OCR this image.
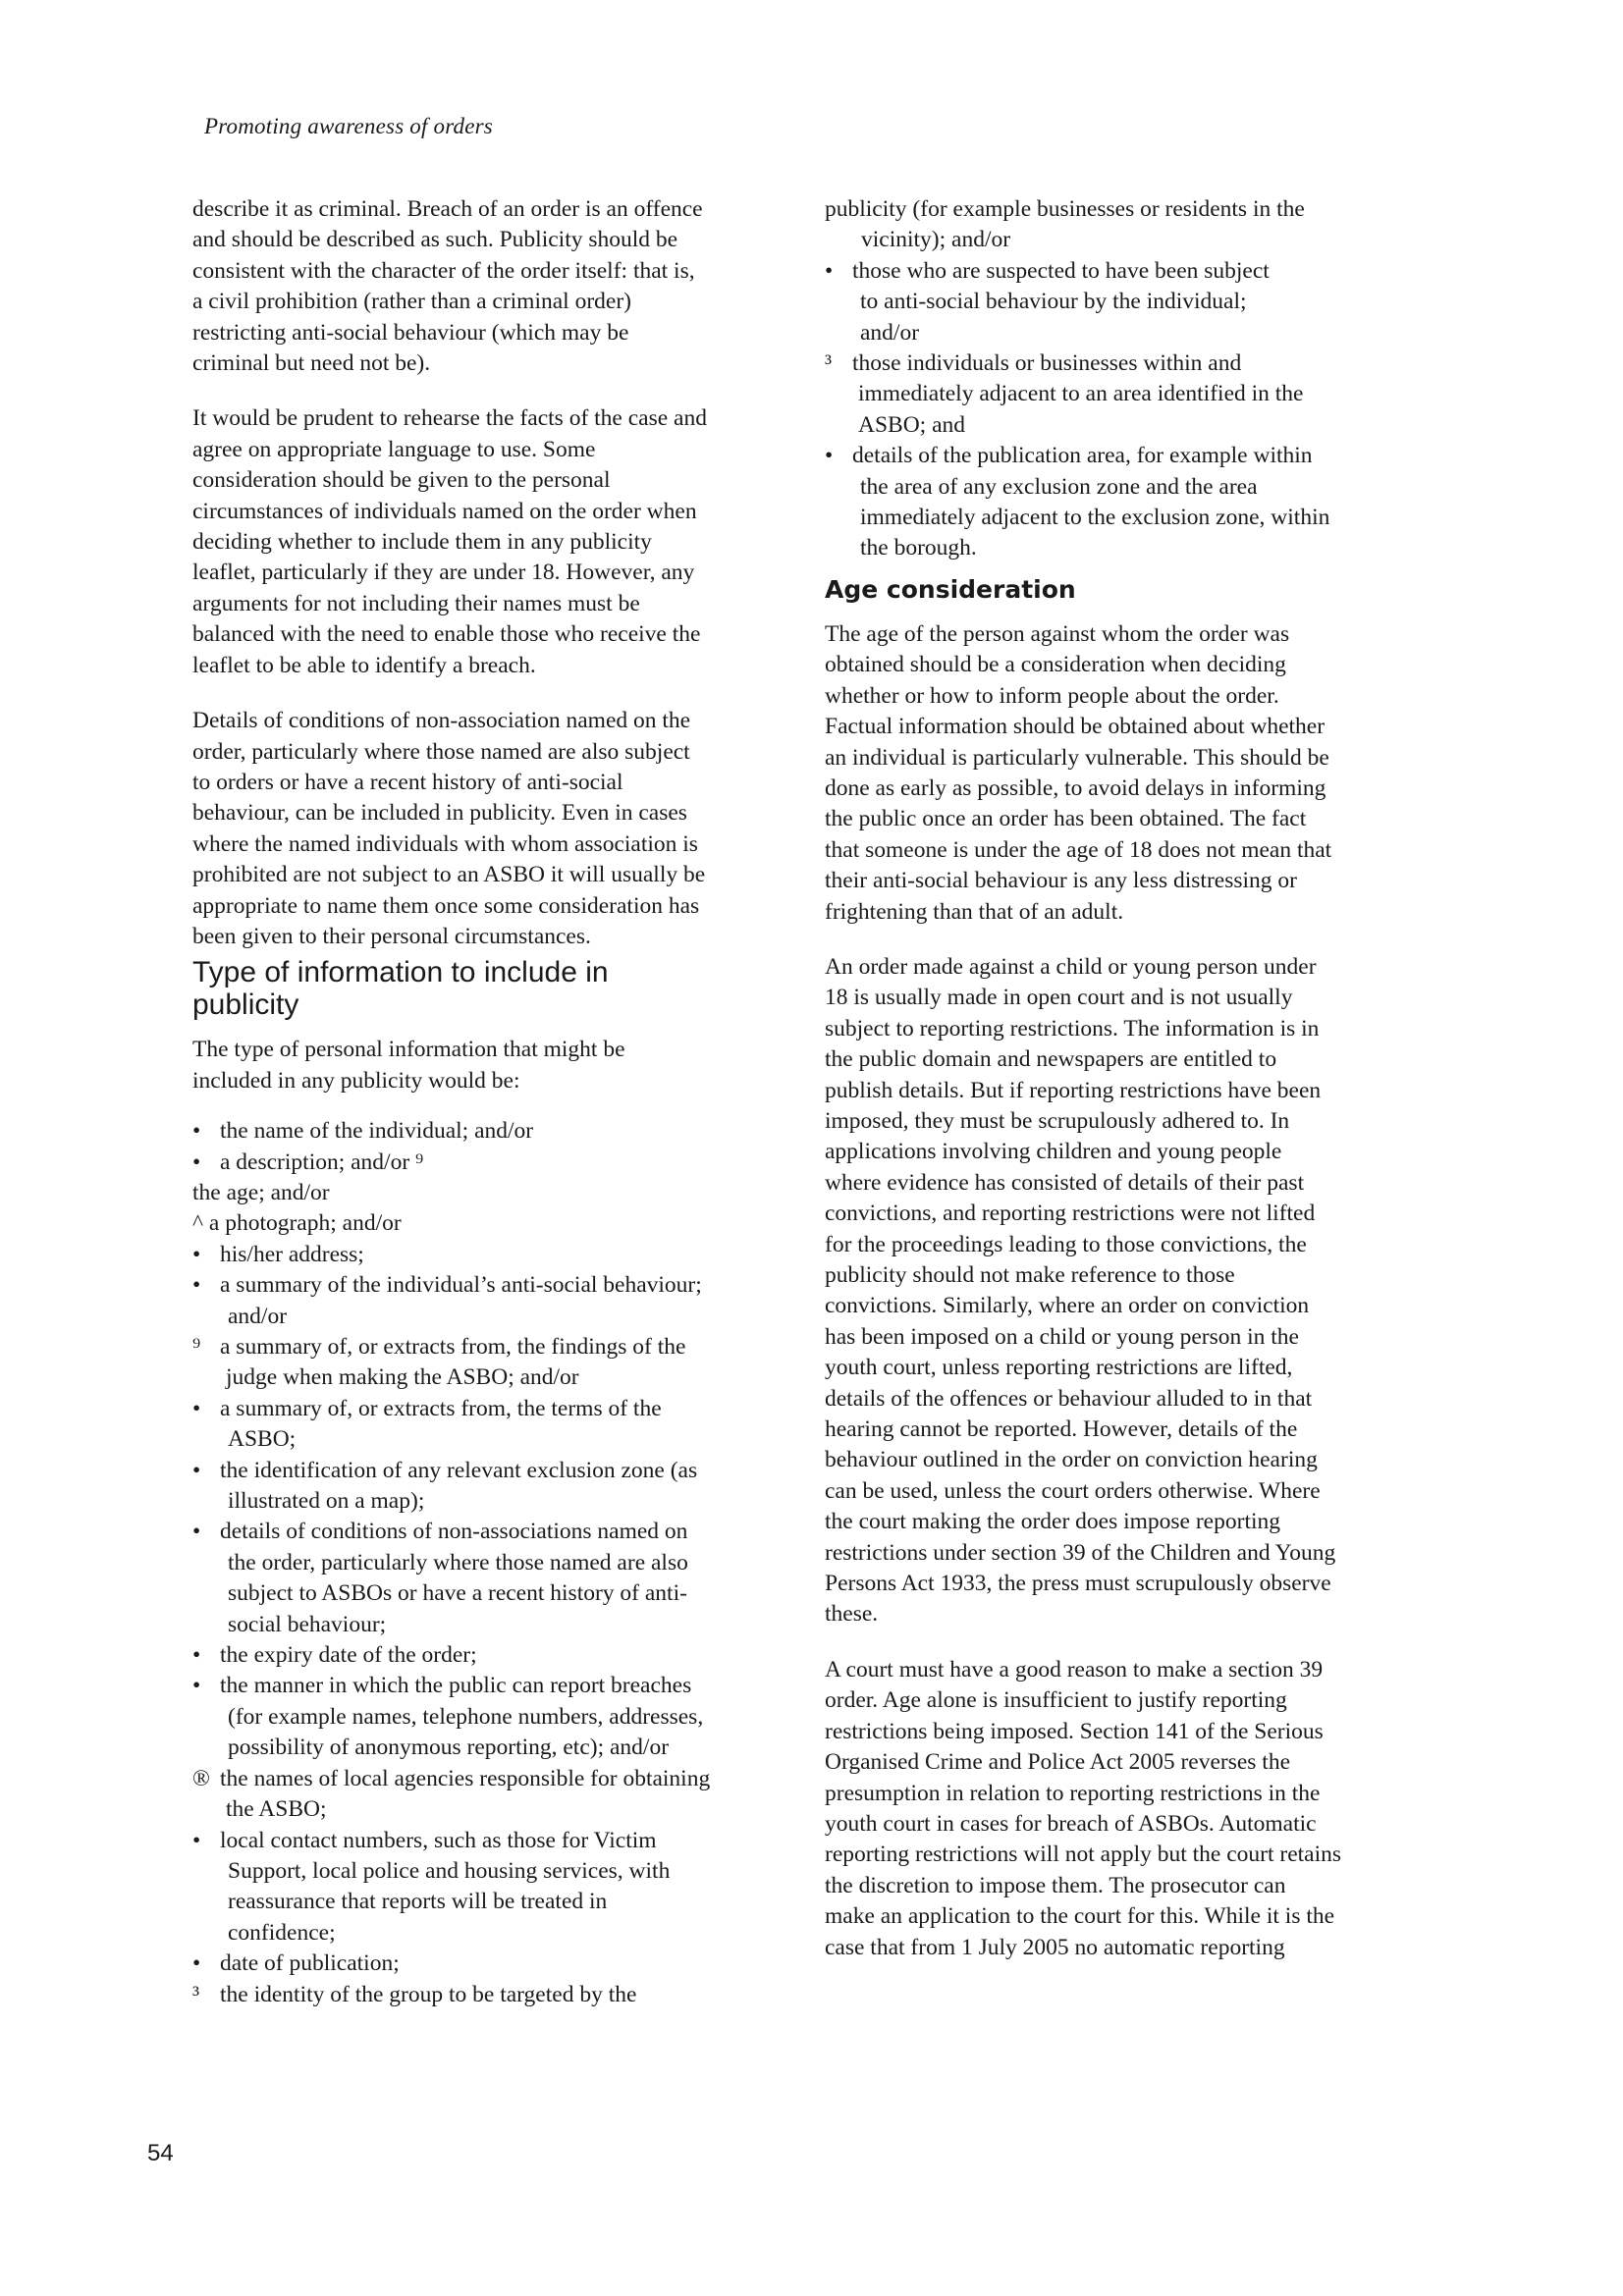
Promoting awareness of orders

describe it as criminal. Breach of an order is an offence
and should be described as such. Publicity should be
consistent with the character of the order itself: that is,
a civil prohibition (rather than a criminal order)
restricting anti-social behaviour (which may be
criminal but need not be).

It would be prudent to rehearse the facts of the case and
agree on appropriate language to use. Some
consideration should be given to the personal
circumstances of individuals named on the order when
deciding whether to include them in any publicity
leaflet, particularly if they are under 18. However, any
arguments for not including their names must be
balanced with the need to enable those who receive the
leaflet to be able to identify a breach.

Details of conditions of non-association named on the
order, particularly where those named are also subject
to orders or have a recent history of anti-social
behaviour, can be included in publicity. Even in cases
where the named individuals with whom association is
prohibited are not subject to an ASBO it will usually be
appropriate to name them once some consideration has
been given to their personal circumstances.

Type of information to include in
publicity

The type of personal information that might be
included in any publicity would be:

• the name of the individual; and/or
• a description; and/or ⁹
the age; and/or
^ a photograph; and/or
• his/her address;
• a summary of the individual’s anti-social behaviour;
and/or
⁹ a summary of, or extracts from, the findings of the
judge when making the ASBO; and/or
• a summary of, or extracts from, the terms of the
ASBO;
• the identification of any relevant exclusion zone (as
illustrated on a map);
• details of conditions of non-associations named on
the order, particularly where those named are also
subject to ASBOs or have a recent history of anti-
social behaviour;
• the expiry date of the order;
• the manner in which the public can report breaches
(for example names, telephone numbers, addresses,
possibility of anonymous reporting, etc); and/or
® the names of local agencies responsible for obtaining
the ASBO;
• local contact numbers, such as those for Victim
Support, local police and housing services, with
reassurance that reports will be treated in
confidence;
• date of publication;
³ the identity of the group to be targeted by the
publicity (for example businesses or residents in the
vicinity); and/or
• those who are suspected to have been subject
to anti-social behaviour by the individual;
and/or
³ those individuals or businesses within and
immediately adjacent to an area identified in the
ASBO; and
• details of the publication area, for example within
the area of any exclusion zone and the area
immediately adjacent to the exclusion zone, within
the borough.
Age consideration

The age of the person against whom the order was
obtained should be a consideration when deciding
whether or how to inform people about the order.
Factual information should be obtained about whether
an individual is particularly vulnerable. This should be
done as early as possible, to avoid delays in informing
the public once an order has been obtained. The fact
that someone is under the age of 18 does not mean that
their anti-social behaviour is any less distressing or
frightening than that of an adult.

An order made against a child or young person under
18 is usually made in open court and is not usually
subject to reporting restrictions. The information is in
the public domain and newspapers are entitled to
publish details. But if reporting restrictions have been
imposed, they must be scrupulously adhered to. In
applications involving children and young people
where evidence has consisted of details of their past
convictions, and reporting restrictions were not lifted
for the proceedings leading to those convictions, the
publicity should not make reference to those
convictions. Similarly, where an order on conviction
has been imposed on a child or young person in the
youth court, unless reporting restrictions are lifted,
details of the offences or behaviour alluded to in that
hearing cannot be reported. However, details of the
behaviour outlined in the order on conviction hearing
can be used, unless the court orders otherwise. Where
the court making the order does impose reporting
restrictions under section 39 of the Children and Young
Persons Act 1933, the press must scrupulously observe
these.

A court must have a good reason to make a section 39
order. Age alone is insufficient to justify reporting
restrictions being imposed. Section 141 of the Serious
Organised Crime and Police Act 2005 reverses the
presumption in relation to reporting restrictions in the
youth court in cases for breach of ASBOs. Automatic
reporting restrictions will not apply but the court retains
the discretion to impose them. The prosecutor can
make an application to the court for this. While it is the
case that from 1 July 2005 no automatic reporting

54
